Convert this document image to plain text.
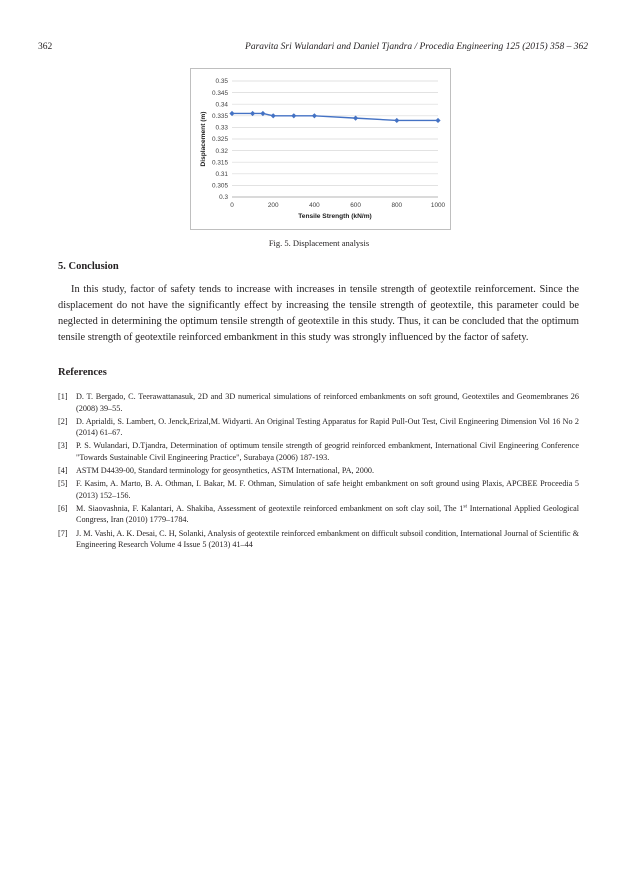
362	Paravita Sri Wulandari and Daniel Tjandra / Procedia Engineering 125 (2015) 358 – 362
0.3
0.305
0.31
0.315
0.32
0.325
0.33
0.335
0.34
0.345
0.35
0	200	400	600	800	1000
Tensile Strength (kN/m)
Displacement (m)
Fig. 5. Displacement analysis
5. Conclusion

In this study, factor of safety tends to increase with increases in tensile strength of geotextile reinforcement. Since the displacement do not have the significantly effect by increasing the tensile strength of geotextile, this parameter could be neglected in determining the optimum tensile strength of geotextile in this study. Thus, it can be concluded that the optimum tensile strength of geotextile reinforced embankment in this study was strongly influenced by the factor of safety.

References
[1] D. T. Bergado, C. Teerawattanasuk, 2D and 3D numerical simulations of reinforced embankments on soft ground, Geotextiles and Geomembranes 26 (2008) 39–55.
[2] D. Aprialdi, S. Lambert, O. Jenck,Erizal,M. Widyarti. An Original Testing Apparatus for Rapid Pull-Out Test, Civil Engineering Dimension Vol 16 No 2 (2014) 61–67.
[3] P. S. Wulandari, D.Tjandra, Determination of optimum tensile strength of geogrid reinforced embankment, International Civil Engineering Conference "Towards Sustainable Civil Engineering Practice", Surabaya (2006) 187-193.
[4] ASTM D4439-00, Standard terminology for geosynthetics, ASTM International, PA, 2000.
[5] F. Kasim, A. Marto, B. A. Othman, I. Bakar, M. F. Othman, Simulation of safe height embankment on soft ground using Plaxis, APCBEE Proceedia 5 (2013) 152–156.
[6] M. Siaovashnia, F. Kalantari, A. Shakiba, Assessment of geotextile reinforced embankment on soft clay soil, The 1st International Applied Geological Congress, Iran (2010) 1779–1784.
[7] J. M. Vashi, A. K. Desai, C. H, Solanki, Analysis of geotextile reinforced embankment on difficult subsoil condition, International Journal of Scientific & Engineering Research Volume 4 Issue 5 (2013) 41–44
